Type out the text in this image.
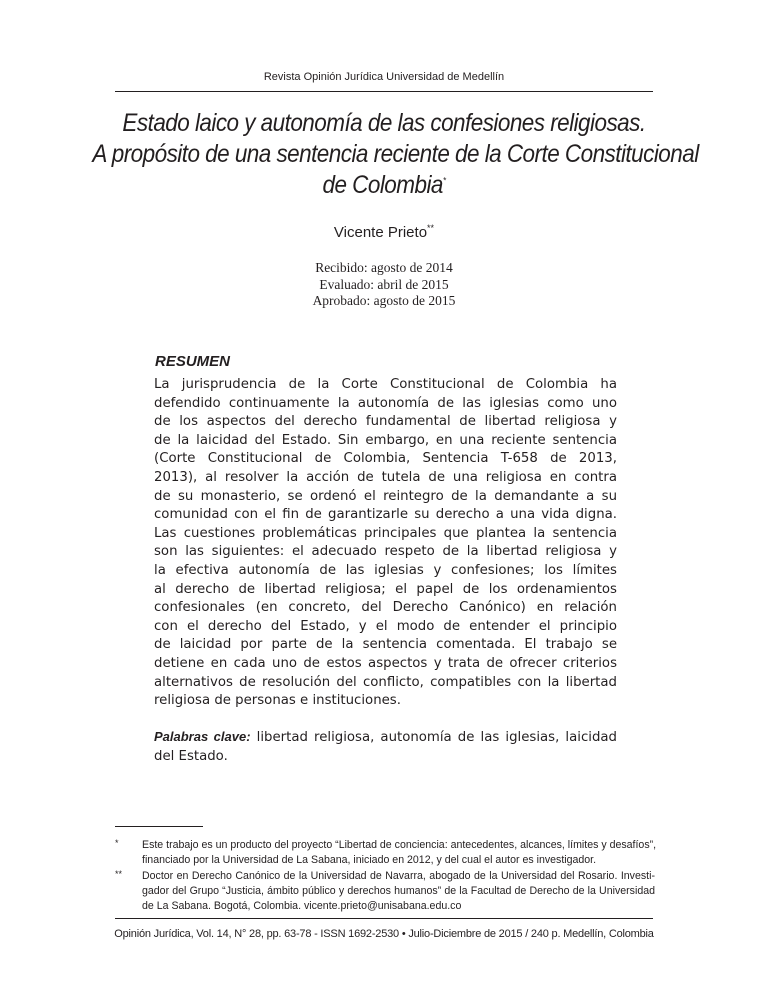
Revista Opinión Jurídica Universidad de Medellín
Estado laico y autonomía de las confesiones religiosas.
A propósito de una sentencia reciente de la Corte Constitucional
de Colombia*
Vicente Prieto**
Recibido: agosto de 2014
Evaluado: abril de 2015
Aprobado: agosto de 2015
RESUMEN
La jurisprudencia de la Corte Constitucional de Colombia ha
defendido continuamente la autonomía de las iglesias como uno
de los aspectos del derecho fundamental de libertad religiosa y
de la laicidad del Estado. Sin embargo, en una reciente sentencia
(Corte Constitucional de Colombia, Sentencia T-658 de 2013,
2013), al resolver la acción de tutela de una religiosa en contra
de su monasterio, se ordenó el reintegro de la demandante a su
comunidad con el fin de garantizarle su derecho a una vida digna.
Las cuestiones problemáticas principales que plantea la sentencia
son las siguientes: el adecuado respeto de la libertad religiosa y
la efectiva autonomía de las iglesias y confesiones; los límites
al derecho de libertad religiosa; el papel de los ordenamientos
confesionales (en concreto, del Derecho Canónico) en relación
con el derecho del Estado, y el modo de entender el principio
de laicidad por parte de la sentencia comentada. El trabajo se
detiene en cada uno de estos aspectos y trata de ofrecer criterios
alternativos de resolución del conflicto, compatibles con la libertad
religiosa de personas e instituciones.
Palabras clave: libertad religiosa, autonomía de las iglesias, laicidad
del Estado.
* Este trabajo es un producto del proyecto “Libertad de conciencia: antecedentes, alcances, límites y desafíos”,
financiado por la Universidad de La Sabana, iniciado en 2012, y del cual el autor es investigador.
** Doctor en Derecho Canónico de la Universidad de Navarra, abogado de la Universidad del Rosario. Investi-
gador del Grupo “Justicia, ámbito público y derechos humanos” de la Facultad de Derecho de la Universidad
de La Sabana. Bogotá, Colombia. vicente.prieto@unisabana.edu.co
Opinión Jurídica, Vol. 14, N° 28, pp. 63-78 - ISSN 1692-2530 • Julio-Diciembre de 2015 / 240 p. Medellín, Colombia
